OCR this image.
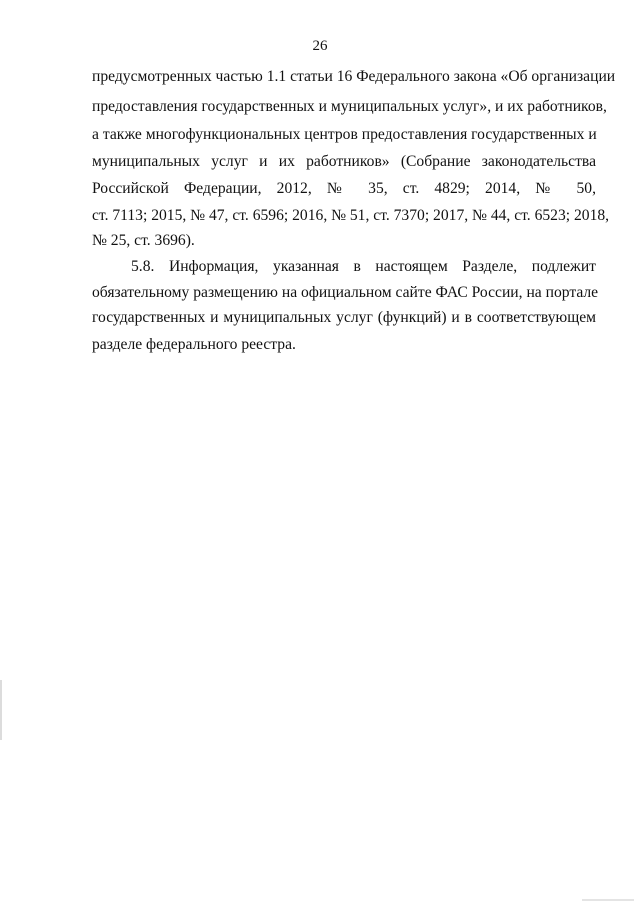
26
предусмотренных частью 1.1 статьи 16 Федерального закона «Об организации
предоставления государственных и муниципальных услуг», и их работников,
а также многофункциональных центров предоставления государственных и
муниципальных услуг и их работников» (Собрание законодательства
Российской Федерации, 2012, № 35, ст. 4829; 2014, № 50,
ст. 7113; 2015, № 47, ст. 6596; 2016, № 51, ст. 7370; 2017, № 44, ст. 6523; 2018,
№ 25, ст. 3696).
5.8. Информация, указанная в настоящем Разделе, подлежит
обязательному размещению на официальном сайте ФАС России, на портале
государственных и муниципальных услуг (функций) и в соответствующем
разделе федерального реестра.
